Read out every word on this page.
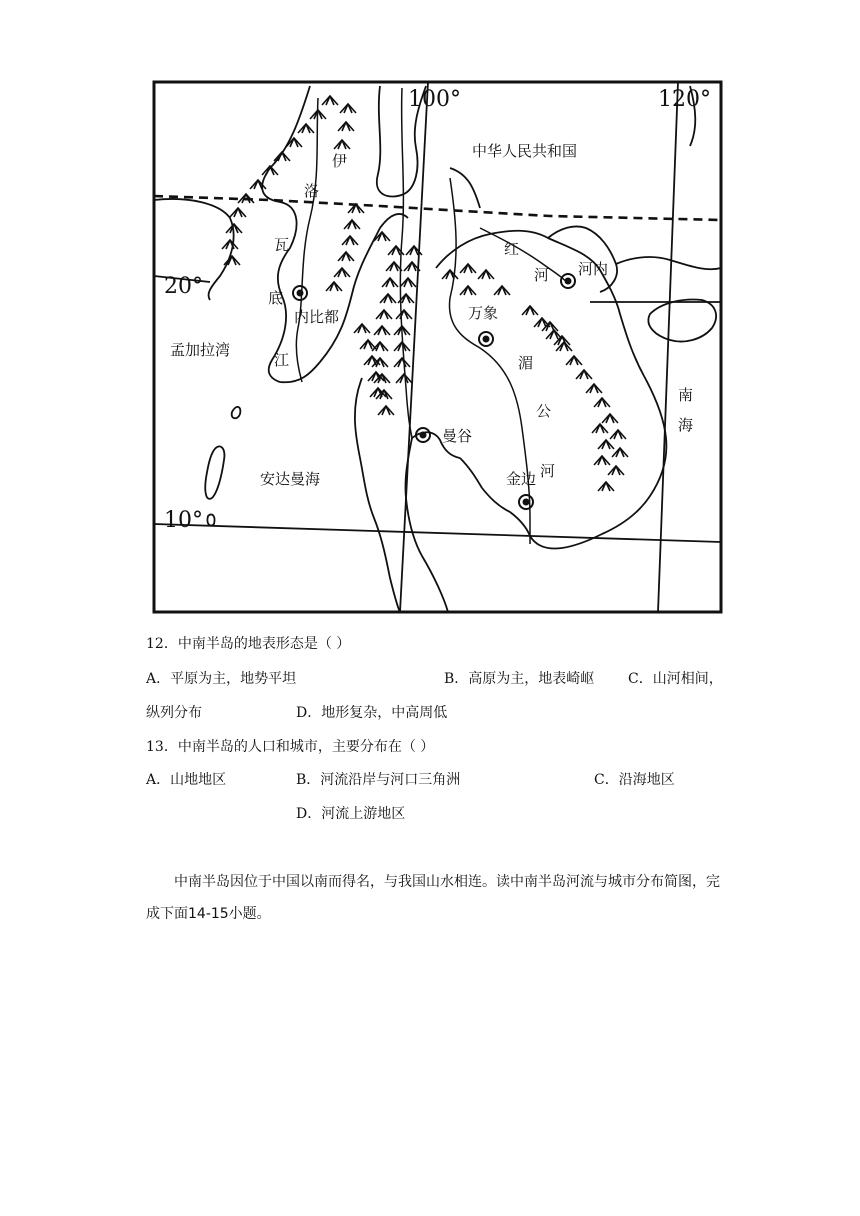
100°	120°
20°
10°
中华人民共和国
伊
洛
瓦
底
江
内比都
孟加拉湾
安达曼海
红
河 河内
万象
湄
公
河
曼谷
金边
南
海
12．中南半岛的地表形态是（ ）
A．平原为主，地势平坦	B．高原为主，地表崎岖 C．山河相间，
纵列分布	D．地形复杂，中高周低
13．中南半岛的人口和城市，主要分布在（ ）
A．山地地区	B．河流沿岸与河口三角洲	C．沿海地区
D．河流上游地区
中南半岛因位于中国以南而得名，与我国山水相连。读中南半岛河流与城市分布简图，完成下面14-15小题。
